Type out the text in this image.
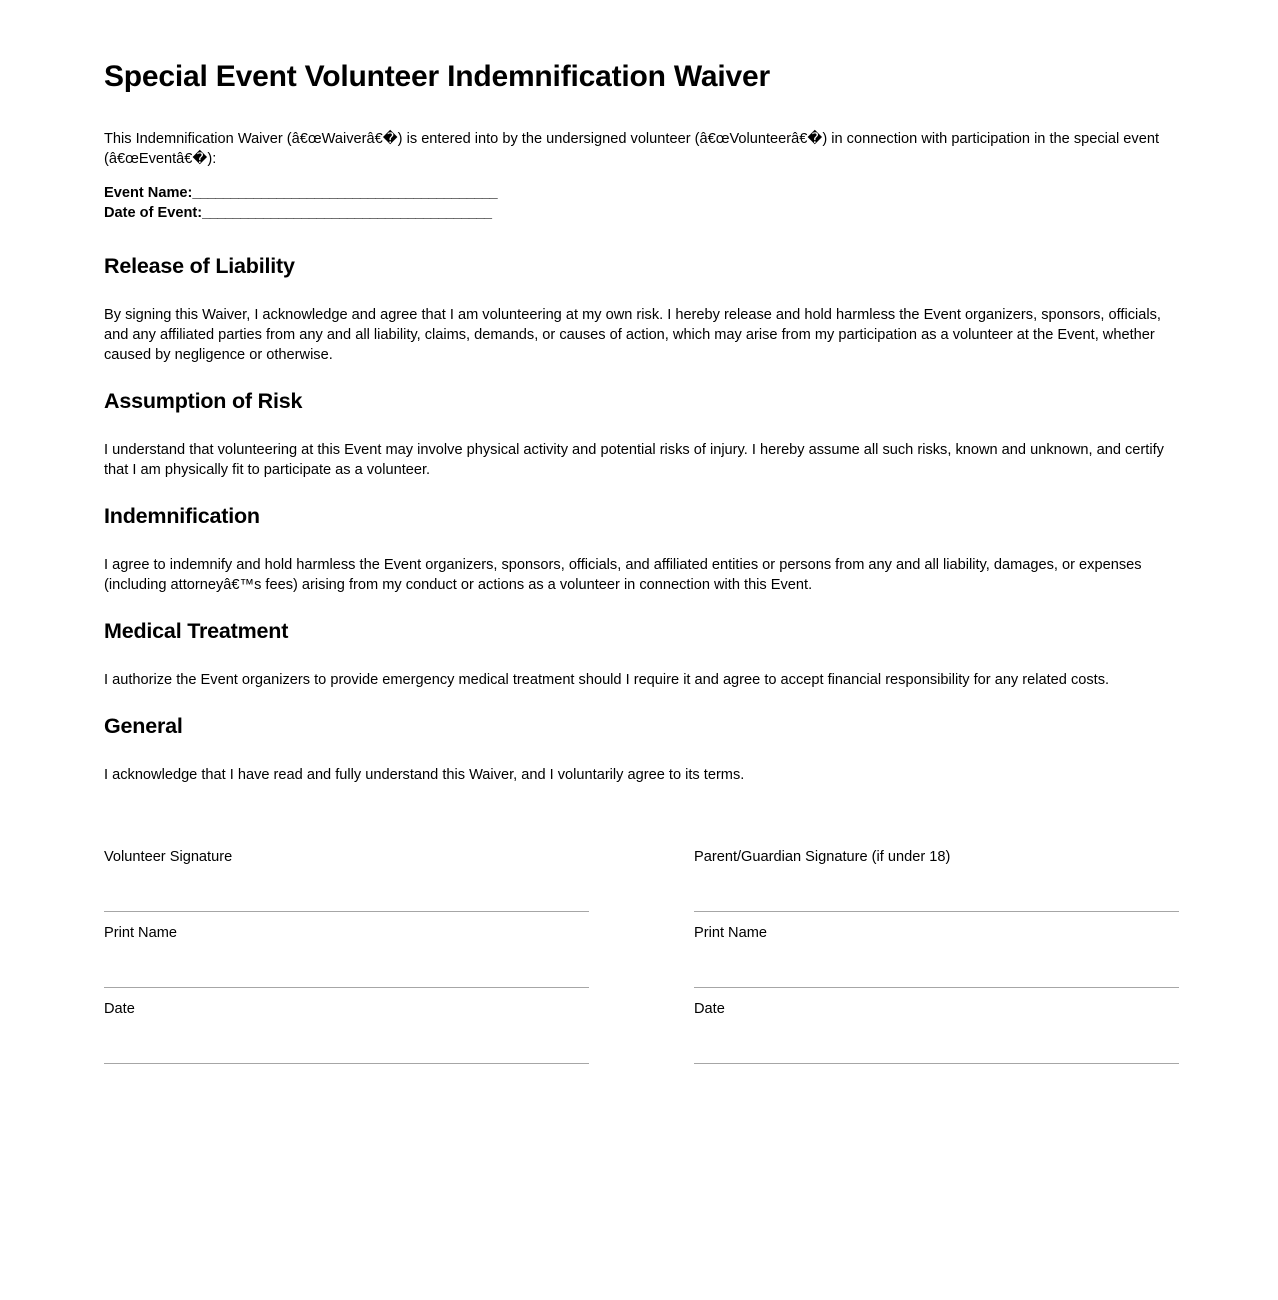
Special Event Volunteer Indemnification Waiver

This Indemnification Waiver (â€œWaiverâ€�) is entered into by the undersigned volunteer (â€œVolunteerâ€�) in connection with participation in the special event (â€œEventâ€�):

Event Name:________________________________________
Date of Event:______________________________________
Release of Liability

By signing this Waiver, I acknowledge and agree that I am volunteering at my own risk. I hereby release and hold harmless the Event organizers, sponsors, officials, and any affiliated parties from any and all liability, claims, demands, or causes of action, which may arise from my participation as a volunteer at the Event, whether caused by negligence or otherwise.

Assumption of Risk

I understand that volunteering at this Event may involve physical activity and potential risks of injury. I hereby assume all such risks, known and unknown, and certify that I am physically fit to participate as a volunteer.

Indemnification

I agree to indemnify and hold harmless the Event organizers, sponsors, officials, and affiliated entities or persons from any and all liability, damages, or expenses (including attorneyâ€™s fees) arising from my conduct or actions as a volunteer in connection with this Event.

Medical Treatment

I authorize the Event organizers to provide emergency medical treatment should I require it and agree to accept financial responsibility for any related costs.

General

I acknowledge that I have read and fully understand this Waiver, and I voluntarily agree to its terms.

Volunteer Signature
Print Name
Date
Parent/Guardian Signature (if under 18)
Print Name
Date
